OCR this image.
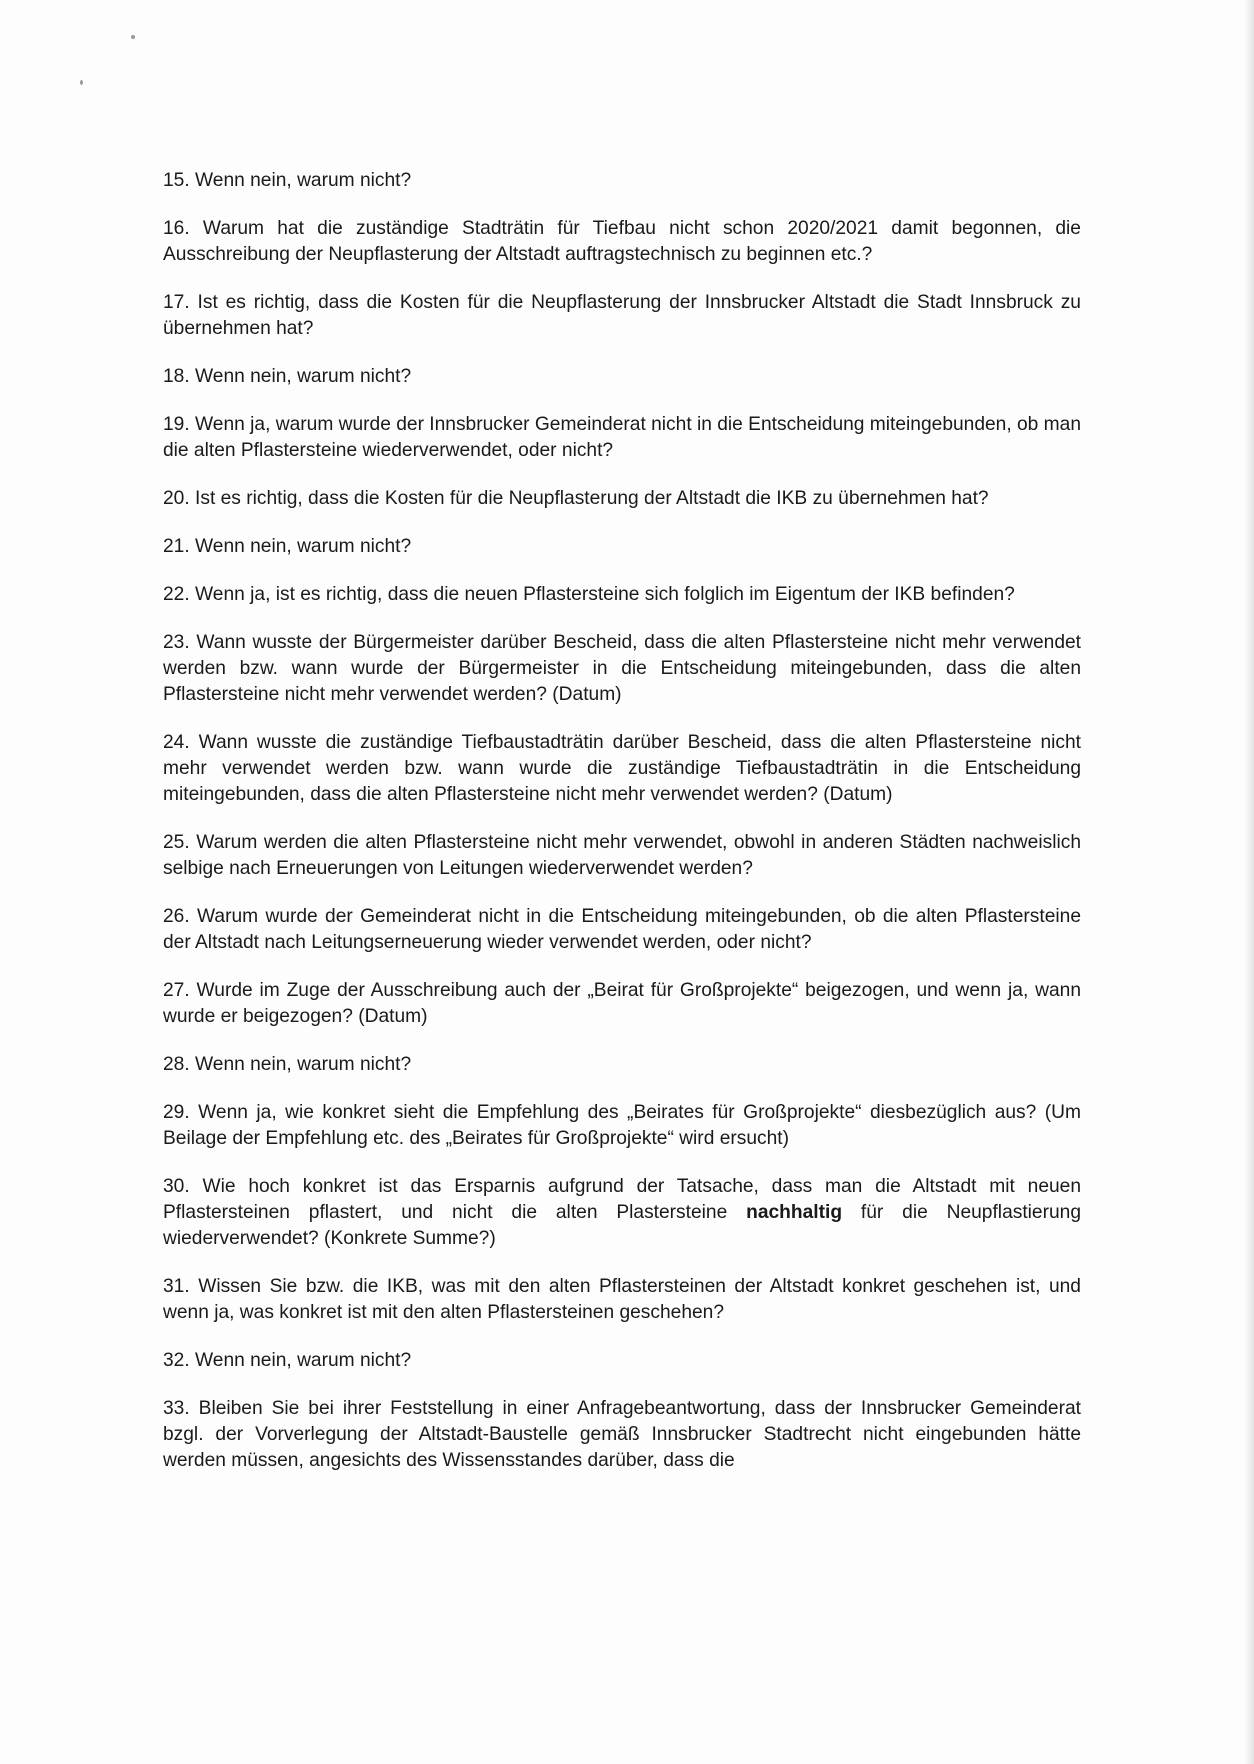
15. Wenn nein, warum nicht?

16. Warum hat die zuständige Stadträtin für Tiefbau nicht schon 2020/2021 damit begonnen, die Ausschreibung der Neupflasterung der Altstadt auftragstechnisch zu beginnen etc.?

17. Ist es richtig, dass die Kosten für die Neupflasterung der Innsbrucker Altstadt die Stadt Innsbruck zu übernehmen hat?

18. Wenn nein, warum nicht?

19. Wenn ja, warum wurde der Innsbrucker Gemeinderat nicht in die Entscheidung miteingebunden, ob man die alten Pflastersteine wiederverwendet, oder nicht?

20. Ist es richtig, dass die Kosten für die Neupflasterung der Altstadt die IKB zu übernehmen hat?

21. Wenn nein, warum nicht?

22. Wenn ja, ist es richtig, dass die neuen Pflastersteine sich folglich im Eigentum der IKB befinden?

23. Wann wusste der Bürgermeister darüber Bescheid, dass die alten Pflastersteine nicht mehr verwendet werden bzw. wann wurde der Bürgermeister in die Entscheidung miteingebunden, dass die alten Pflastersteine nicht mehr verwendet werden? (Datum)

24. Wann wusste die zuständige Tiefbaustadträtin darüber Bescheid, dass die alten Pflastersteine nicht mehr verwendet werden bzw. wann wurde die zuständige Tiefbaustadträtin in die Entscheidung miteingebunden, dass die alten Pflastersteine nicht mehr verwendet werden? (Datum)

25. Warum werden die alten Pflastersteine nicht mehr verwendet, obwohl in anderen Städten nachweislich selbige nach Erneuerungen von Leitungen wiederverwendet werden?

26. Warum wurde der Gemeinderat nicht in die Entscheidung miteingebunden, ob die alten Pflastersteine der Altstadt nach Leitungserneuerung wieder verwendet werden, oder nicht?

27. Wurde im Zuge der Ausschreibung auch der „Beirat für Großprojekte“ beigezogen, und wenn ja, wann wurde er beigezogen? (Datum)

28. Wenn nein, warum nicht?

29. Wenn ja, wie konkret sieht die Empfehlung des „Beirates für Großprojekte“ diesbezüglich aus? (Um Beilage der Empfehlung etc. des „Beirates für Großprojekte“ wird ersucht)

30. Wie hoch konkret ist das Ersparnis aufgrund der Tatsache, dass man die Altstadt mit neuen Pflastersteinen pflastert, und nicht die alten Plastersteine nachhaltig für die Neupflastierung wiederverwendet? (Konkrete Summe?)

31. Wissen Sie bzw. die IKB, was mit den alten Pflastersteinen der Altstadt konkret geschehen ist, und wenn ja, was konkret ist mit den alten Pflastersteinen geschehen?

32. Wenn nein, warum nicht?

33. Bleiben Sie bei ihrer Feststellung in einer Anfragebeantwortung, dass der Innsbrucker Gemeinderat bzgl. der Vorverlegung der Altstadt-Baustelle gemäß Innsbrucker Stadtrecht nicht eingebunden hätte werden müssen, angesichts des Wissensstandes darüber, dass die
